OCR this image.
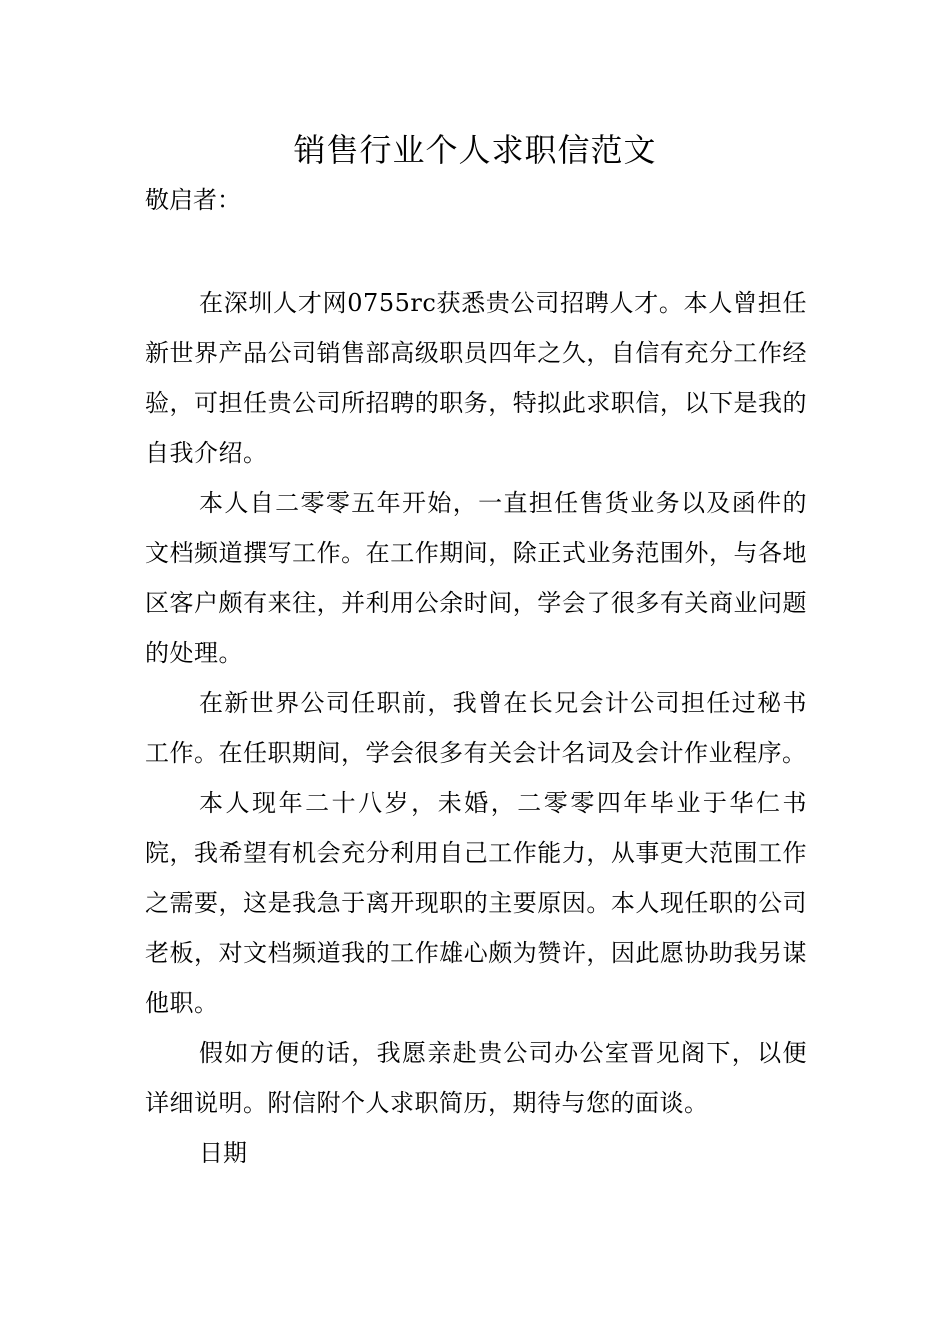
销售行业个人求职信范文

敬启者：

在深圳人才网0755rc获悉贵公司招聘人才。本人曾担任新世界产品公司销售部高级职员四年之久，自信有充分工作经验，可担任贵公司所招聘的职务，特拟此求职信，以下是我的自我介绍。

本人自二零零五年开始，一直担任售货业务以及函件的文档频道撰写工作。在工作期间，除正式业务范围外，与各地区客户颇有来往，并利用公余时间，学会了很多有关商业问题的处理。

在新世界公司任职前，我曾在长兄会计公司担任过秘书工作。在任职期间，学会很多有关会计名词及会计作业程序。

本人现年二十八岁，未婚，二零零四年毕业于华仁书院，我希望有机会充分利用自己工作能力，从事更大范围工作之需要，这是我急于离开现职的主要原因。本人现任职的公司老板，对文档频道我的工作雄心颇为赞许，因此愿协助我另谋他职。

假如方便的话，我愿亲赴贵公司办公室晋见阁下，以便详细说明。附信附个人求职简历，期待与您的面谈。

日期
